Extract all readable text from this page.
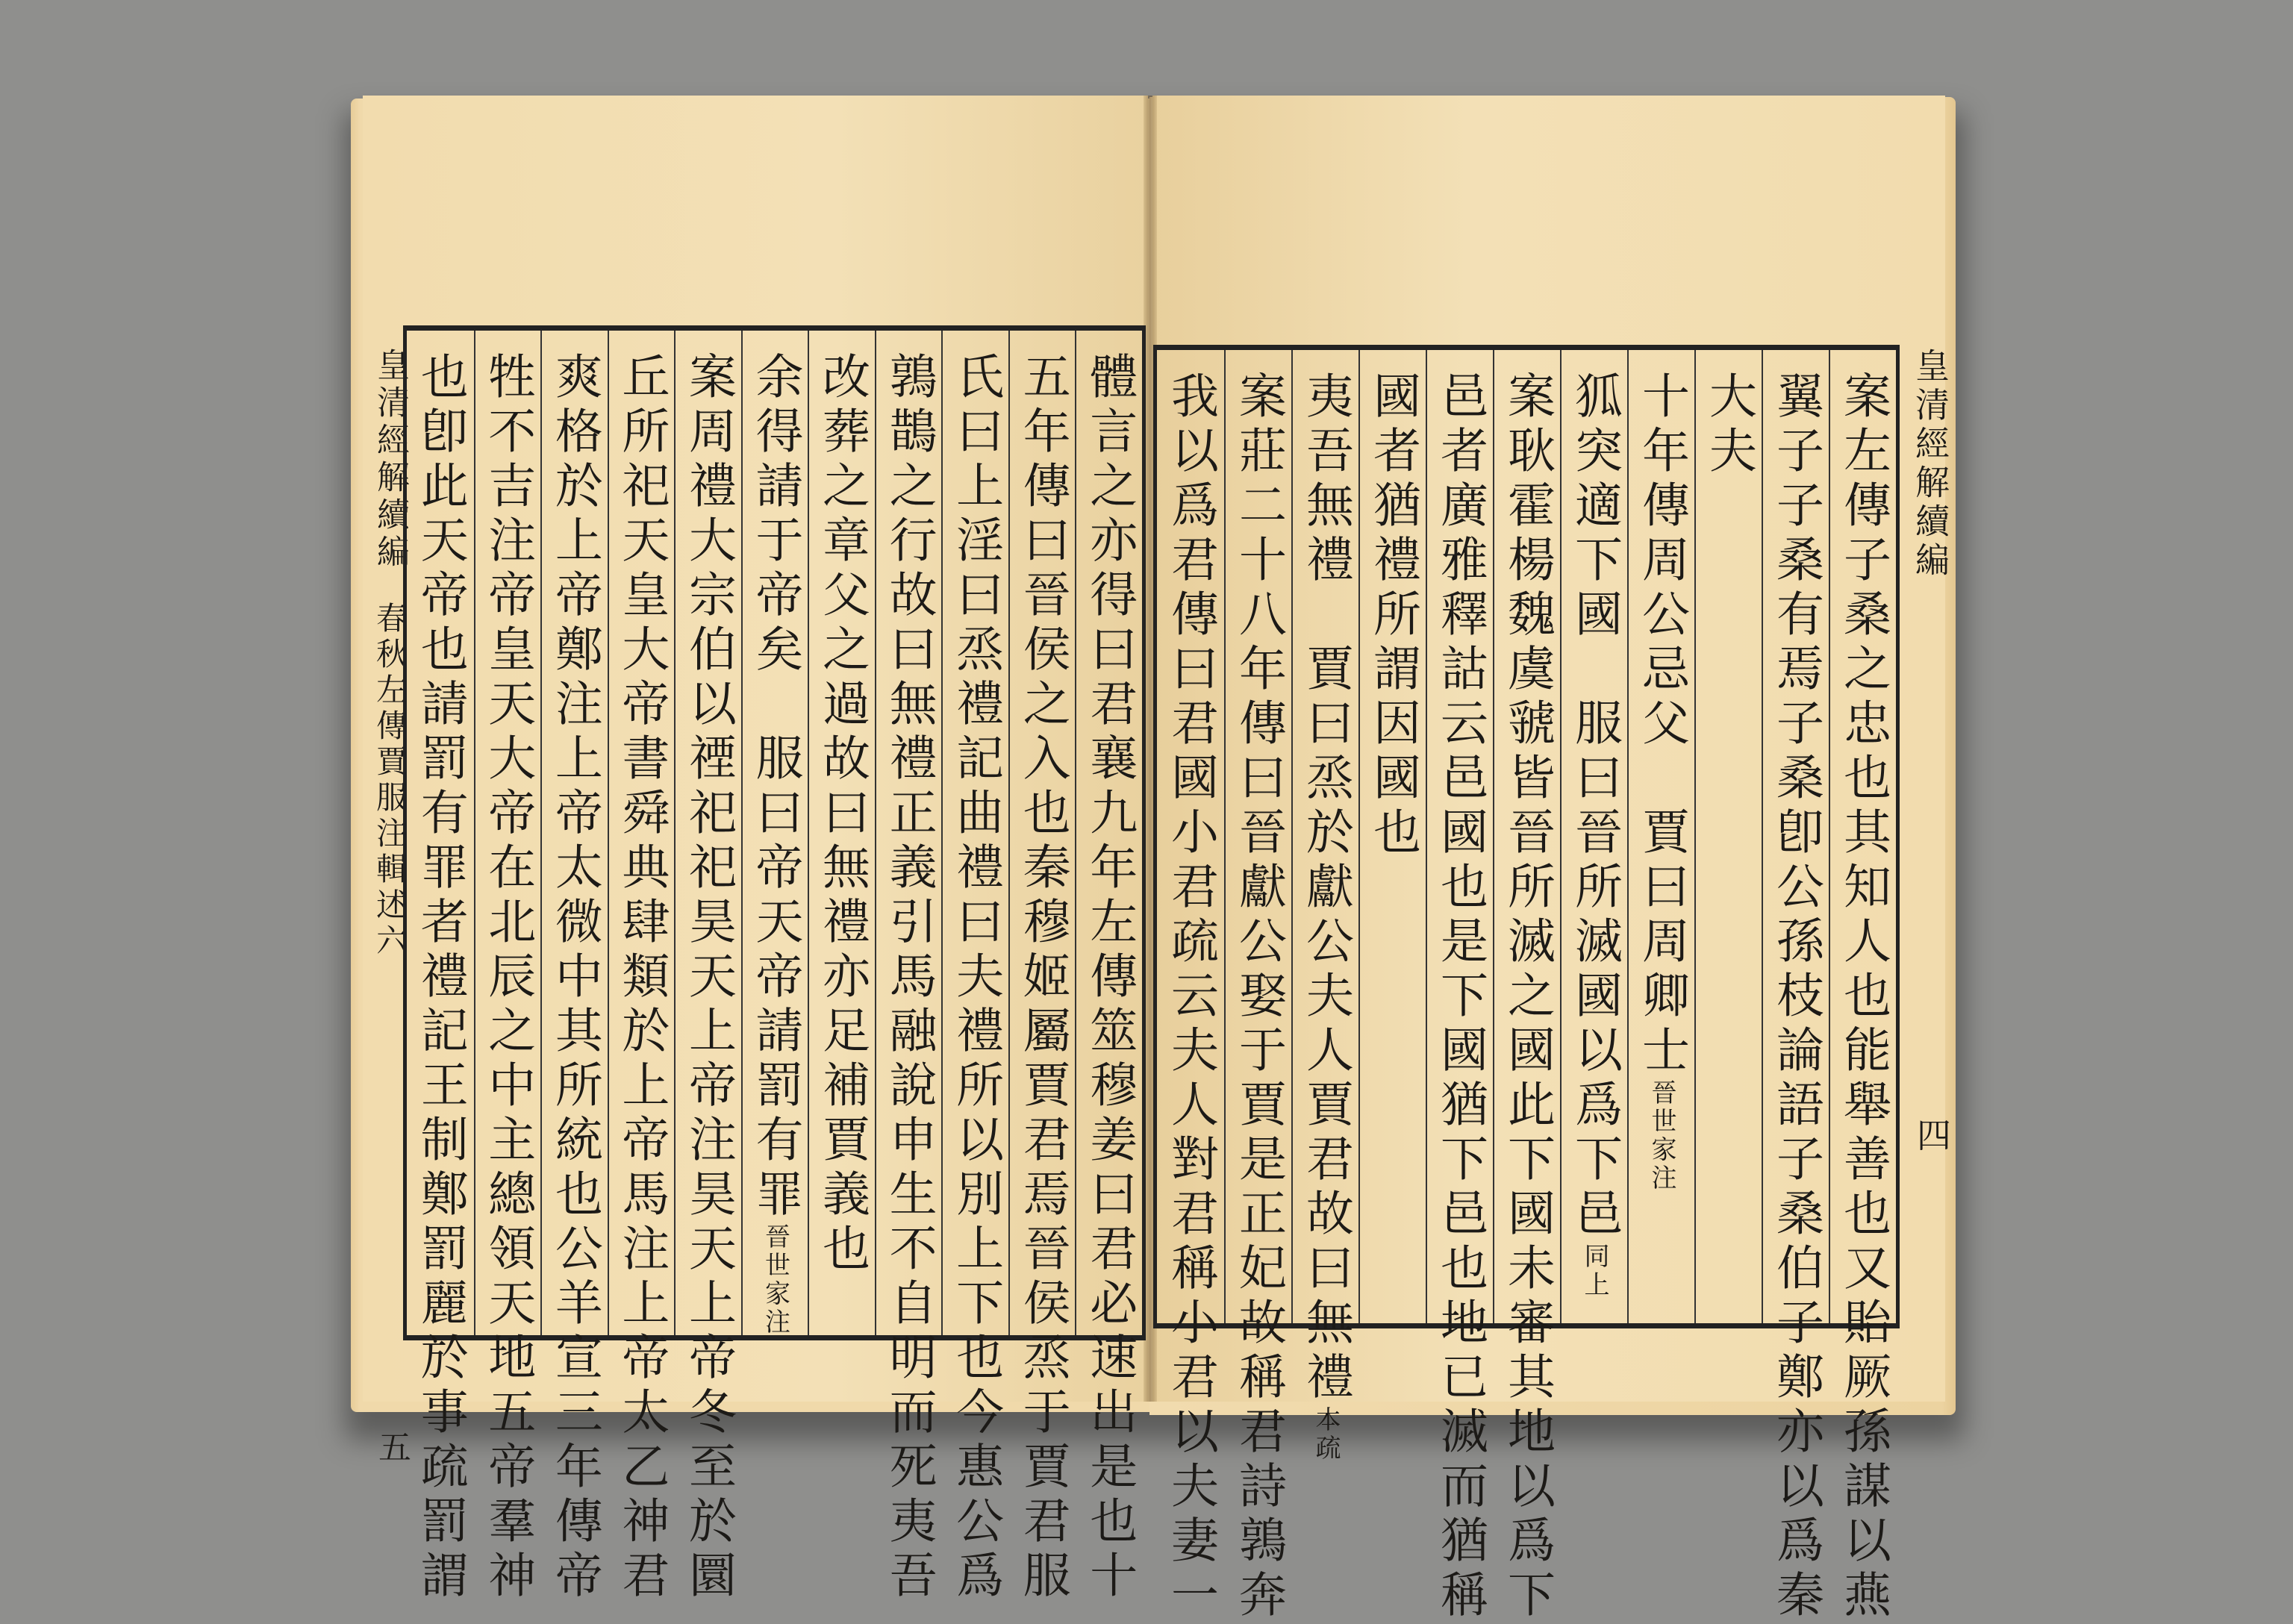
皇清經解續編春秋左傳賈服注輯述六
五	體言之亦得曰君襄九年左傳筮穆姜曰君必速出是也十
五年傳曰晉侯之入也秦穆姬屬賈君焉晉侯烝于賈君服
氏曰上淫曰烝禮記曲禮曰夫禮所以別上下也今惠公爲
鶉鵲之行故曰無禮正義引馬融說申生不自明而死夷吾
改葬之章父之過故曰無禮亦足補賈義也
余得請于帝矣　服曰帝天帝請罰有罪晉世家注
案周禮大宗伯以禋祀祀昊天上帝注昊天上帝冬至於圜
丘所祀天皇大帝書舜典肆類於上帝馬注上帝太乙神君
爽格於上帝鄭注上帝太微中其所統也公羊宣三年傳帝
牲不吉注帝皇天大帝在北辰之中主總領天地五帝羣神
也卽此天帝也請罰有罪者禮記王制鄭罰麗於事疏罰謂	案左傳子桑之忠也其知人也能舉善也又貽厥孫謀以燕
翼子子桑有焉子桑卽公孫枝論語子桑伯子鄭亦以爲秦
大夫
十年傳周公忌父　賈曰周卿士晉世家注
狐突適下國　服曰晉所滅國以爲下邑同上
案耿霍楊魏虞虢皆晉所滅之國此下國未審其地以爲下
邑者廣雅釋詁云邑國也是下國猶下邑也地已滅而猶稱
國者猶禮所謂因國也
夷吾無禮　賈曰烝於獻公夫人賈君故曰無禮本疏
案莊二十八年傳曰晉獻公娶于賈是正妃故稱君詩鶉奔
我以爲君傳曰君國小君疏云夫人對君稱小君以夫妻一	皇清經解續編
四
